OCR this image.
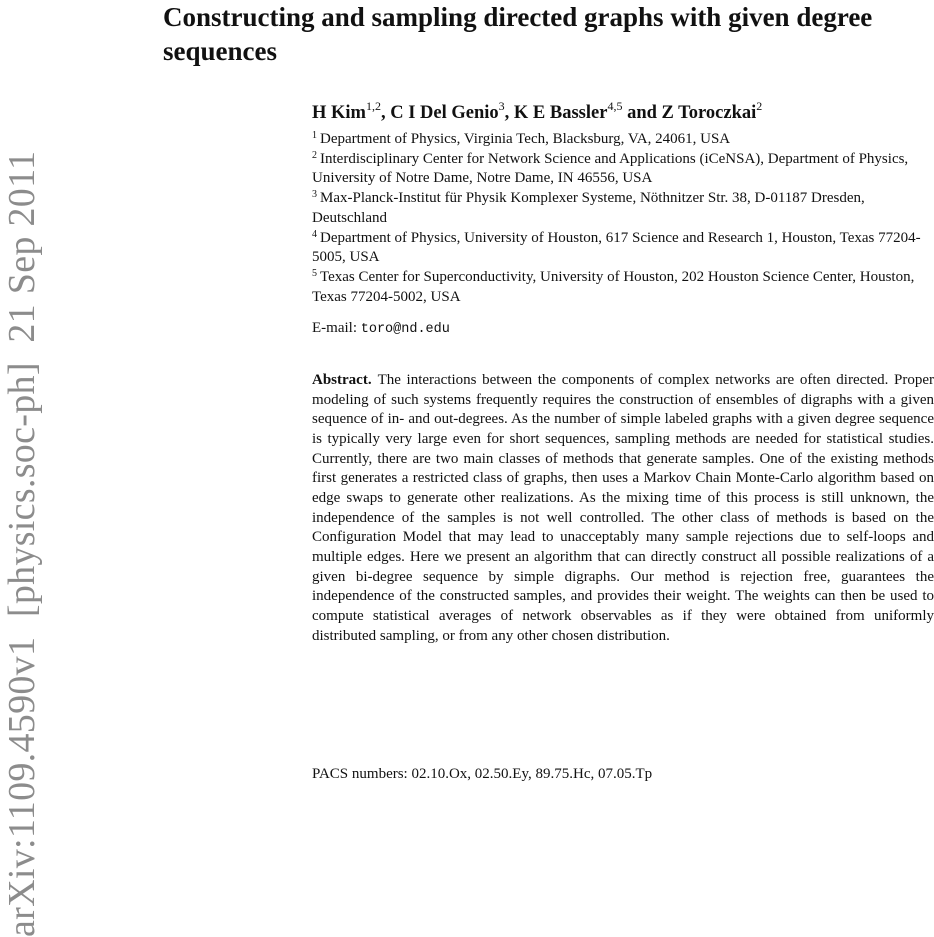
arXiv:1109.4590v1  [physics.soc-ph]  21 Sep 2011
Constructing and sampling directed graphs with given degree sequences
H Kim$^{1,2}$, C I Del Genio$^3$, K E Bassler$^{4,5}$ and Z Toroczkai$^2$
$^1$ Department of Physics, Virginia Tech, Blacksburg, VA, 24061, USA
$^2$ Interdisciplinary Center for Network Science and Applications (iCeNSA), Department of Physics, University of Notre Dame, Notre Dame, IN 46556, USA
$^3$ Max-Planck-Institut für Physik Komplexer Systeme, Nöthnitzer Str. 38, D-01187 Dresden, Deutschland
$^4$ Department of Physics, University of Houston, 617 Science and Research 1, Houston, Texas 77204-5005, USA
$^5$ Texas Center for Superconductivity, University of Houston, 202 Houston Science Center, Houston, Texas 77204-5002, USA
E-mail: toro@nd.edu

Abstract. The interactions between the components of complex networks are often directed. Proper modeling of such systems frequently requires the construction of ensembles of digraphs with a given sequence of in- and out-degrees. As the number of simple labeled graphs with a given degree sequence is typically very large even for short sequences, sampling methods are needed for statistical studies. Currently, there are two main classes of methods that generate samples. One of the existing methods first generates a restricted class of graphs, then uses a Markov Chain Monte-Carlo algorithm based on edge swaps to generate other realizations. As the mixing time of this process is still unknown, the independence of the samples is not well controlled. The other class of methods is based on the Configuration Model that may lead to unacceptably many sample rejections due to self-loops and multiple edges. Here we present an algorithm that can directly construct all possible realizations of a given bi-degree sequence by simple digraphs. Our method is rejection free, guarantees the independence of the constructed samples, and provides their weight. The weights can then be used to compute statistical averages of network observables as if they were obtained from uniformly distributed sampling, or from any other chosen distribution.

PACS numbers: 02.10.Ox, 02.50.Ey, 89.75.Hc, 07.05.Tp
